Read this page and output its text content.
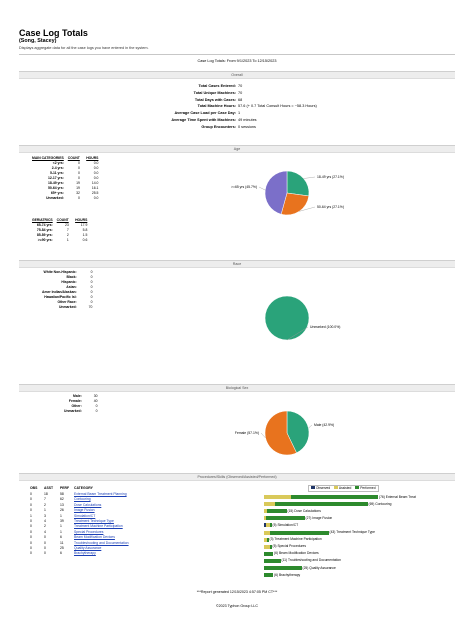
Case Log Totals
(Song, Stacey)
Displays aggregate data for all the case logs you have entered in the system.
Case Log Totals: From 9/1/2023 To 12/15/2023
Overall
Total Cases Entered: 70
Total Unique Machines: 70
Total Days with Cases: 68
Total Machine Hours: 57.6 (+ 0.7 Total Consult Hours = ~58.3 Hours)
Average Case Load per Case Day: 1
Average Time Spent with Machines: 49 minutes
Group Encounters: 0 sessions
Age
MAIN CATEGORIES	COUNT	HOURS
<2 yrs:	0	0.0
2-4 yrs:	0	0.0
5-11 yrs:	0	0.0
12-17 yrs:	0	0.0
18-49 yrs:	19	14.0
50-64 yrs:	19	16.1
65+ yrs:	32	25.5
Unmarked:	0	0.0
GERIATRICS	COUNT	HOURS
65-74 yrs:	23	17.9
75-84 yrs:	7	5.8
85-89 yrs:	2	1.5
>=90 yrs:	1	0.6
18-49 yrs (27.1%)
50-64 yrs (27.1%)
>=65 yrs (45.7%)
Race
White Non-Hispanic:	0
Black:	0
Hispanic:	0
Asian:	0
Amer Indian/Alaskan:	0
Hawaiian/Pacific Isl:	0
Other Race:	0
Unmarked:	70
Unmarked (100.0%)
Biological Sex
Male:	30
Female:	40
Other:	0
Unmarked:	0
Male (42.9%)
Female (57.1%)
Procedures/Skills (Observed/Assisted/Performed)
OBS ASST PERF CATEGORY
0	18	58	External Beam Treatment Planning
0	7	62	Contouring
0	2	13	Dose Calculations
0	1	26	Image Fusion
1	3	1	Simulation/CT
0	4	39	Treatment Technique Type
0	2	1	Treatment Machine Participation
0	4	1	Special Procedures
0	0	6	Beam Modification Devices
0	0	11	Troubleshooting and Documentation
0	0	25	Quality Assurance
0	0	6	Brachytherapy
Observed	Assisted	Performed
(76) External Beam Treat
(69) Contouring
(15) Dose Calculations
(27) Image Fusion
(5) Simulation/CT
(43) Treatment Technique Type
(3) Treatment Machine Participation
(5) Special Procedures
(6) Beam Modification Devices
(11) Troubleshooting and Documentation
(25) Quality Assurance
(6) Brachytherapy
***Report generated 12/15/2023 4:57:05 PM CT***
©2023 Typhon Group LLC
